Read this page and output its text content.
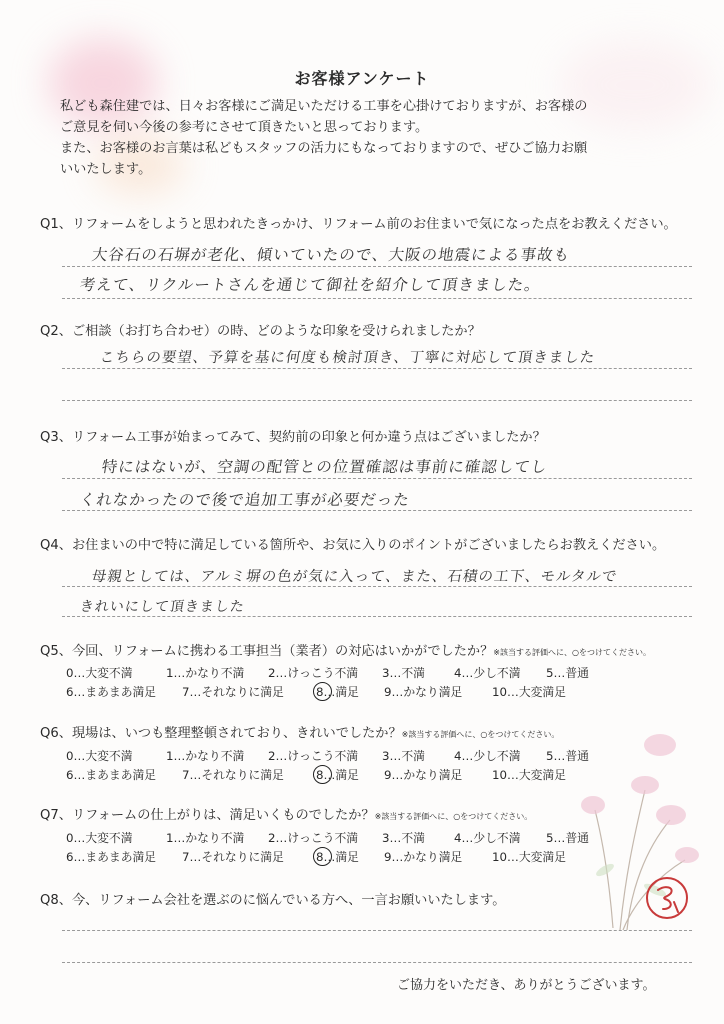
お客様アンケート
私ども森住建では、日々お客様にご満足いただける工事を心掛けておりますが、お客様の
ご意見を伺い今後の参考にさせて頂きたいと思っております。
また、お客様のお言葉は私どもスタッフの活力にもなっておりますので、ぜひご協力お願
いいたします。
Q1、リフォームをしようと思われたきっかけ、リフォーム前のお住まいで気になった点をお教えください。
大谷石の石塀が老化、傾いていたので、大阪の地震による事故も
考えて、リクルートさんを通じて御社を紹介して頂きました。
Q2、ご相談（お打ち合わせ）の時、どのような印象を受けられましたか？
こちらの要望、予算を基に何度も検討頂き、丁寧に対応して頂きました
Q3、リフォーム工事が始まってみて、契約前の印象と何か違う点はございましたか？
特にはないが、空調の配管との位置確認は事前に確認してし
くれなかったので後で追加工事が必要だった
Q4、お住まいの中で特に満足している箇所や、お気に入りのポイントがございましたらお教えください。
母親としては、アルミ塀の色が気に入って、また、石積の工下、モルタルで
きれいにして頂きました
Q5、今回、リフォームに携わる工事担当（業者）の対応はいかがでしたか？※該当する評価へに、○をつけてください。
0…大変不満	1…かなり不満 2…けっこう不満 3…不満 4…少し不満 5…普通
6…まあまあ満足 7…それなりに満足	8…満足 9…かなり満足	10…大変満足
Q6、現場は、いつも整理整頓されており、きれいでしたか？※該当する評価へに、○をつけてください。
0…大変不満	1…かなり不満 2…けっこう不満 3…不満 4…少し不満 5…普通
6…まあまあ満足 7…それなりに満足	8…満足 9…かなり満足	10…大変満足
Q7、リフォームの仕上がりは、満足いくものでしたか？※該当する評価へに、○をつけてください。
0…大変不満	1…かなり不満 2…けっこう不満 3…不満 4…少し不満 5…普通
6…まあまあ満足 7…それなりに満足	8…満足 9…かなり満足	10…大変満足
Q8、今、リフォーム会社を選ぶのに悩んでいる方へ、一言お願いいたします。
ご協力をいただき、ありがとうございます。
